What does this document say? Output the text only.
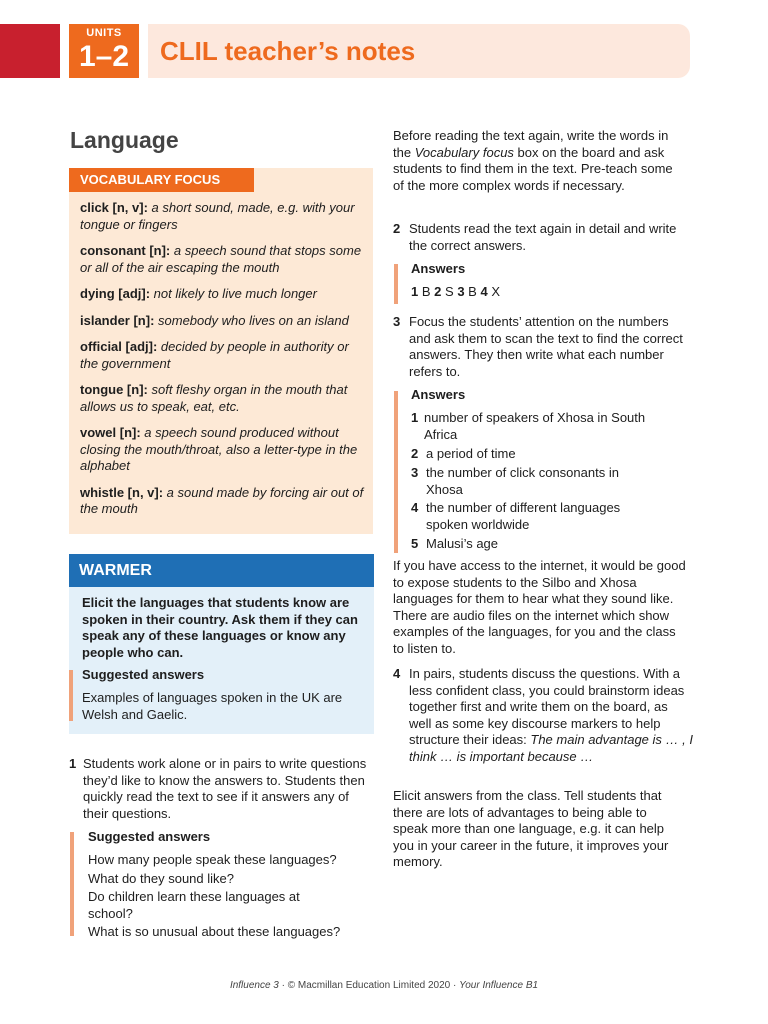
UNITS
1–2	CLIL teacher’s notes
Language
VOCABULARY FOCUS

click [n, v]: a short sound, made, e.g. with your tongue or fingers

consonant [n]: a speech sound that stops some or all of the air escaping the mouth

dying [adj]: not likely to live much longer

islander [n]: somebody who lives on an island

official [adj]: decided by people in authority or the government

tongue [n]: soft fleshy organ in the mouth that allows us to speak, eat, etc.

vowel [n]: a speech sound produced without closing the mouth/throat, also a letter-type in the alphabet

whistle [n, v]: a sound made by forcing air out of the mouth

WARMER
Elicit the languages that students know are spoken in their country. Ask them if they can speak any of these languages or know any people who can.
Suggested answers
Examples of languages spoken in the UK are Welsh and Gaelic.
1 Students work alone or in pairs to write questions they’d like to know the answers to. Students then quickly read the text to see if it answers any of their questions.
Suggested answers
How many people speak these languages?
What do they sound like?
Do children learn these languages at school?
What is so unusual about these languages?
Before reading the text again, write the words in the Vocabulary focus box on the board and ask students to find them in the text. Pre-teach some of the more complex words if necessary.
2 Students read the text again in detail and write the correct answers.
Answers
1 B 2 S 3 B 4 X
3 Focus the students’ attention on the numbers and ask them to scan the text to find the correct answers. They then write what each number refers to.
Answers
1 number of speakers of Xhosa in South Africa
2 a period of time
3 the number of click consonants in Xhosa
4 the number of different languages spoken worldwide
5 Malusi’s age
If you have access to the internet, it would be good to expose students to the Silbo and Xhosa languages for them to hear what they sound like. There are audio files on the internet which show examples of the languages, for you and the class to listen to.
4 In pairs, students discuss the questions. With a less confident class, you could brainstorm ideas together first and write them on the board, as well as some key discourse markers to help structure their ideas: The main advantage is … , I think … is important because …
Elicit answers from the class. Tell students that there are lots of advantages to being able to speak more than one language, e.g. it can help you in your career in the future, it improves your memory.
Influence 3 · © Macmillan Education Limited 2020 · Your Influence B1
